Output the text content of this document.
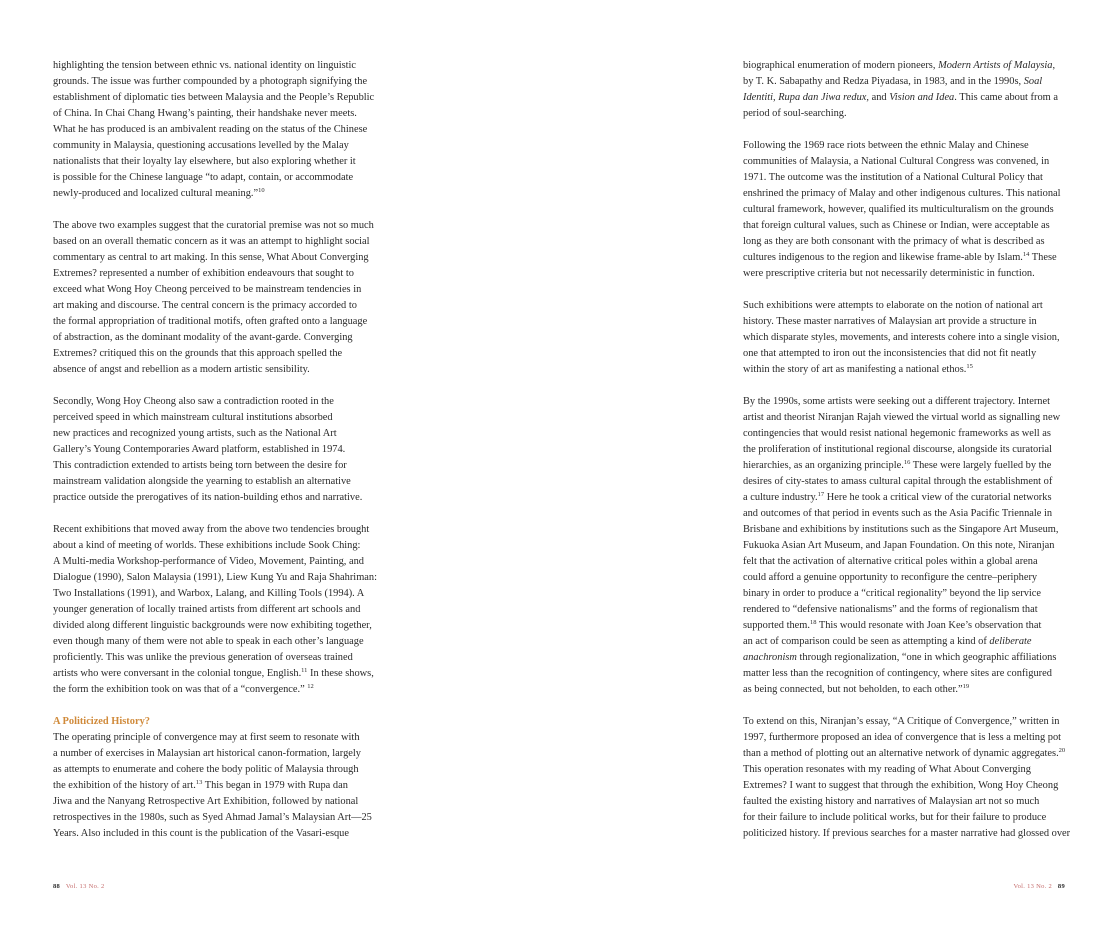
highlighting the tension between ethnic vs. national identity on linguistic
grounds. The issue was further compounded by a photograph signifying the
establishment of diplomatic ties between Malaysia and the People’s Republic
of China. In Chai Chang Hwang’s painting, their handshake never meets.
What he has produced is an ambivalent reading on the status of the Chinese
community in Malaysia, questioning accusations levelled by the Malay
nationalists that their loyalty lay elsewhere, but also exploring whether it
is possible for the Chinese language “to adapt, contain, or accommodate
newly-produced and localized cultural meaning.”$^{10}$

The above two examples suggest that the curatorial premise was not so much
based on an overall thematic concern as it was an attempt to highlight social
commentary as central to art making. In this sense, What About Converging
Extremes? represented a number of exhibition endeavours that sought to
exceed what Wong Hoy Cheong perceived to be mainstream tendencies in
art making and discourse. The central concern is the primacy accorded to
the formal appropriation of traditional motifs, often grafted onto a language
of abstraction, as the dominant modality of the avant-garde. Converging
Extremes? critiqued this on the grounds that this approach spelled the
absence of angst and rebellion as a modern artistic sensibility.

Secondly, Wong Hoy Cheong also saw a contradiction rooted in the
perceived speed in which mainstream cultural institutions absorbed
new practices and recognized young artists, such as the National Art
Gallery’s Young Contemporaries Award platform, established in 1974.
This contradiction extended to artists being torn between the desire for
mainstream validation alongside the yearning to establish an alternative
practice outside the prerogatives of its nation-building ethos and narrative.

Recent exhibitions that moved away from the above two tendencies brought
about a kind of meeting of worlds. These exhibitions include Sook Ching:
A Multi-media Workshop-performance of Video, Movement, Painting, and
Dialogue (1990), Salon Malaysia (1991), Liew Kung Yu and Raja Shahriman:
Two Installations (1991), and Warbox, Lalang, and Killing Tools (1994). A
younger generation of locally trained artists from different art schools and
divided along different linguistic backgrounds were now exhibiting together,
even though many of them were not able to speak in each other’s language
proficiently. This was unlike the previous generation of overseas trained
artists who were conversant in the colonial tongue, English.$^{11}$ In these shows,
the form the exhibition took on was that of a “convergence.” $^{12}$

A Politicized History?

The operating principle of convergence may at first seem to resonate with
a number of exercises in Malaysian art historical canon-formation, largely
as attempts to enumerate and cohere the body politic of Malaysia through
the exhibition of the history of art.$^{13}$ This began in 1979 with Rupa dan
Jiwa and the Nanyang Retrospective Art Exhibition, followed by national
retrospectives in the 1980s, such as Syed Ahmad Jamal’s Malaysian Art—25
Years. Also included in this count is the publication of the Vasari-esque

biographical enumeration of modern pioneers, Modern Artists of Malaysia,
by T. K. Sabapathy and Redza Piyadasa, in 1983, and in the 1990s, Soal
Identiti, Rupa dan Jiwa redux, and Vision and Idea. This came about from a
period of soul-searching.

Following the 1969 race riots between the ethnic Malay and Chinese
communities of Malaysia, a National Cultural Congress was convened, in
1971. The outcome was the institution of a National Cultural Policy that
enshrined the primacy of Malay and other indigenous cultures. This national
cultural framework, however, qualified its multiculturalism on the grounds
that foreign cultural values, such as Chinese or Indian, were acceptable as
long as they are both consonant with the primacy of what is described as
cultures indigenous to the region and likewise frame-able by Islam.$^{14}$ These
were prescriptive criteria but not necessarily deterministic in function.

Such exhibitions were attempts to elaborate on the notion of national art
history. These master narratives of Malaysian art provide a structure in
which disparate styles, movements, and interests cohere into a single vision,
one that attempted to iron out the inconsistencies that did not fit neatly
within the story of art as manifesting a national ethos.$^{15}$

By the 1990s, some artists were seeking out a different trajectory. Internet
artist and theorist Niranjan Rajah viewed the virtual world as signalling new
contingencies that would resist national hegemonic frameworks as well as
the proliferation of institutional regional discourse, alongside its curatorial
hierarchies, as an organizing principle.$^{16}$ These were largely fuelled by the
desires of city-states to amass cultural capital through the establishment of
a culture industry.$^{17}$ Here he took a critical view of the curatorial networks
and outcomes of that period in events such as the Asia Pacific Triennale in
Brisbane and exhibitions by institutions such as the Singapore Art Museum,
Fukuoka Asian Art Museum, and Japan Foundation. On this note, Niranjan
felt that the activation of alternative critical poles within a global arena
could afford a genuine opportunity to reconfigure the centre–periphery
binary in order to produce a “critical regionality” beyond the lip service
rendered to “defensive nationalisms” and the forms of regionalism that
supported them.$^{18}$ This would resonate with Joan Kee’s observation that
an act of comparison could be seen as attempting a kind of deliberate
anachronism through regionalization, “one in which geographic affiliations
matter less than the recognition of contingency, where sites are configured
as being connected, but not beholden, to each other.”$^{19}$

To extend on this, Niranjan’s essay, “A Critique of Convergence,” written in
1997, furthermore proposed an idea of convergence that is less a melting pot
than a method of plotting out an alternative network of dynamic aggregates.$^{20}$
This operation resonates with my reading of What About Converging
Extremes? I want to suggest that through the exhibition, Wong Hoy Cheong
faulted the existing history and narratives of Malaysian art not so much
for their failure to include political works, but for their failure to produce
politicized history. If previous searches for a master narrative had glossed over

88 Vol. 13 No. 2	Vol. 13 No. 2 89
